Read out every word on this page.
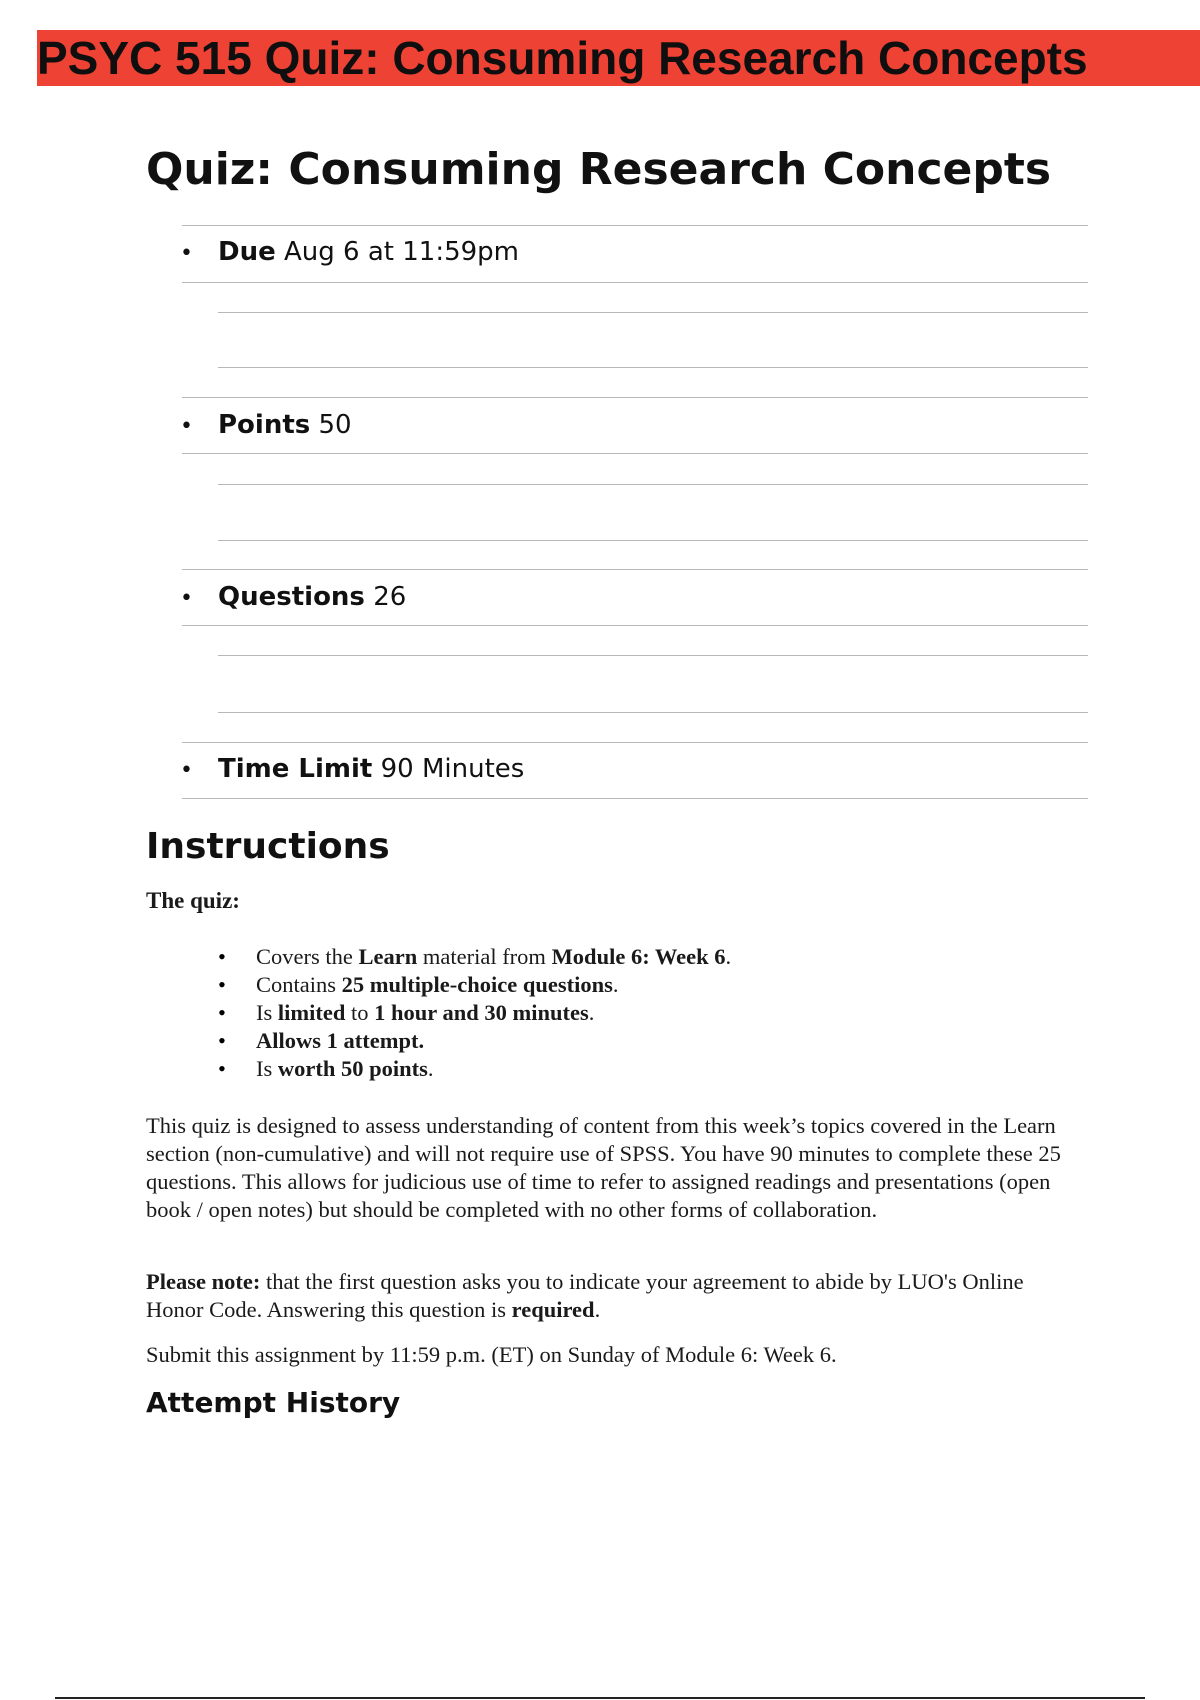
PSYC 515 Quiz: Consuming Research Concepts
Quiz: Consuming Research Concepts
• Due Aug 6 at 11:59pm
• Points 50
• Questions 26
• Time Limit 90 Minutes
Instructions
The quiz:
• Covers the Learn material from Module 6: Week 6.
• Contains 25 multiple-choice questions.
• Is limited to 1 hour and 30 minutes.
• Allows 1 attempt.
• Is worth 50 points.

This quiz is designed to assess understanding of content from this week’s topics covered in the Learn section (non-cumulative) and will not require use of SPSS. You have 90 minutes to complete these 25 questions. This allows for judicious use of time to refer to assigned readings and presentations (open book / open notes) but should be completed with no other forms of collaboration.

Please note: that the first question asks you to indicate your agreement to abide by LUO's Online Honor Code. Answering this question is required.

Submit this assignment by 11:59 p.m. (ET) on Sunday of Module 6: Week 6.

Attempt History
